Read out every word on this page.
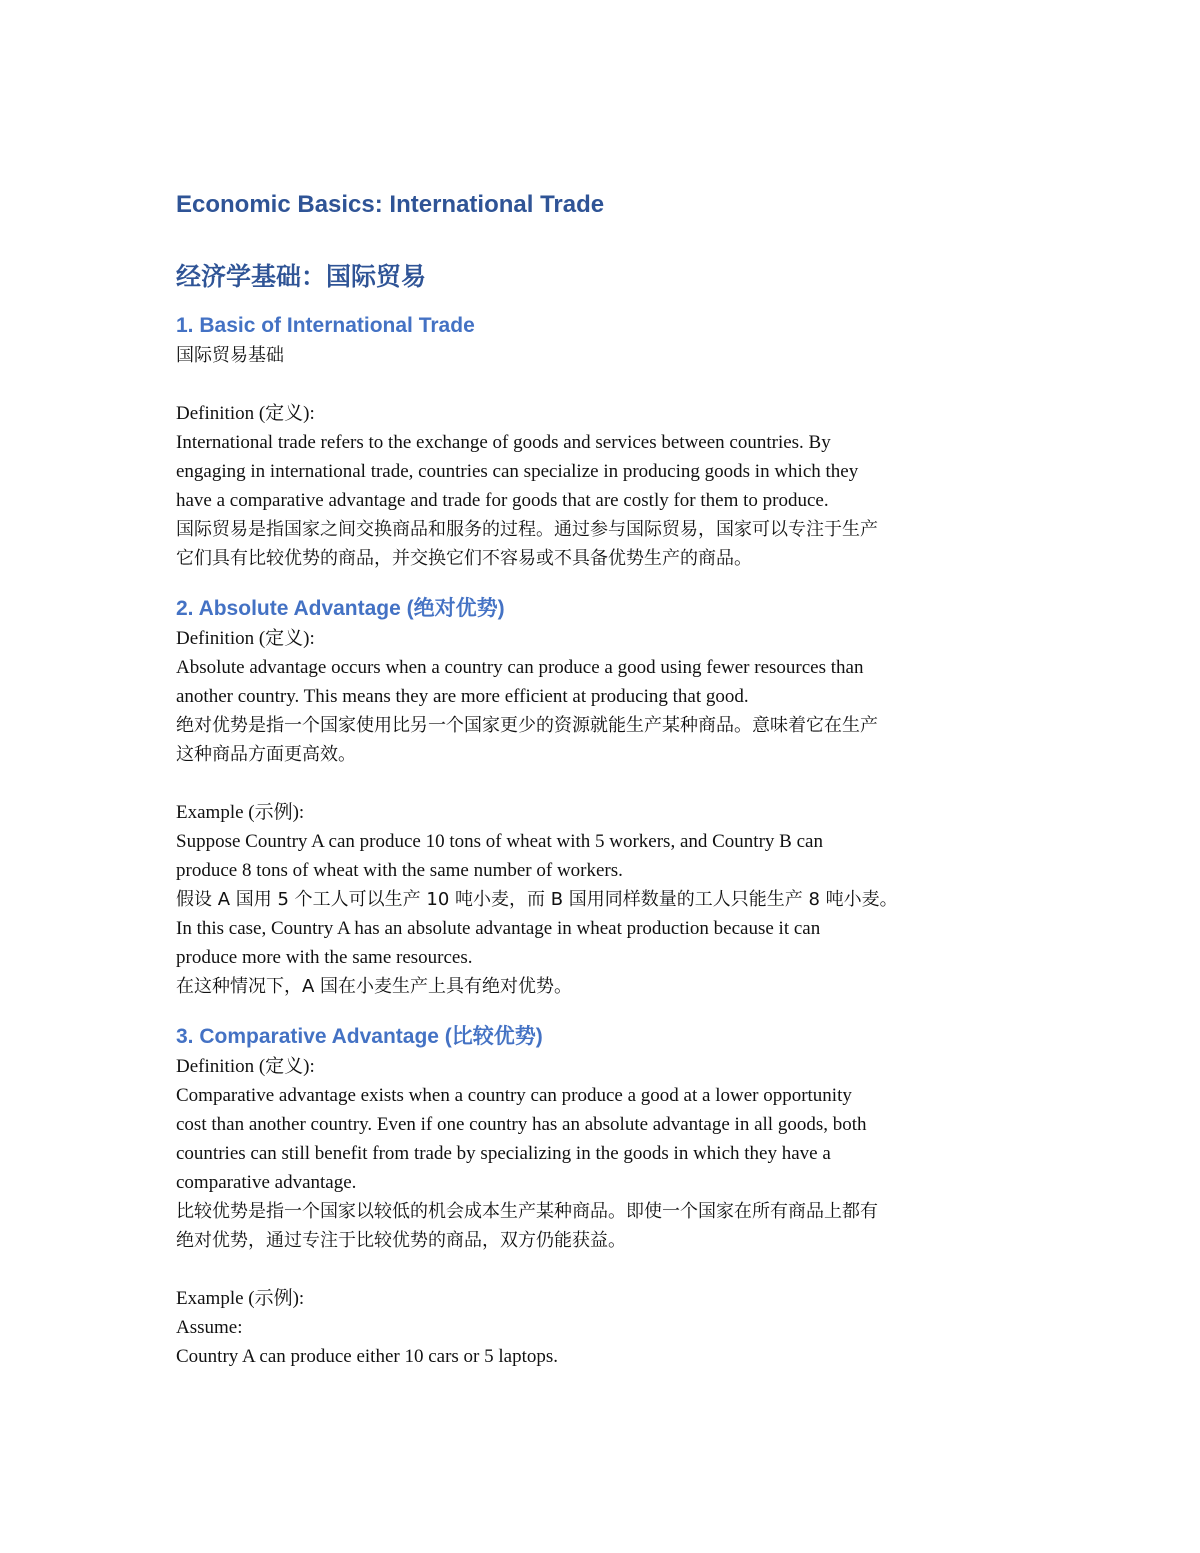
Economic Basics: International Trade
经济学基础：国际贸易
1. Basic of International Trade

国际贸易基础

Definition (定义):

International trade refers to the exchange of goods and services between countries. By

engaging in international trade, countries can specialize in producing goods in which they

have a comparative advantage and trade for goods that are costly for them to produce.

国际贸易是指国家之间交换商品和服务的过程。通过参与国际贸易，国家可以专注于生产

它们具有比较优势的商品，并交换它们不容易或不具备优势生产的商品。

2. Absolute Advantage (绝对优势)

Definition (定义):

Absolute advantage occurs when a country can produce a good using fewer resources than

another country. This means they are more efficient at producing that good.

绝对优势是指一个国家使用比另一个国家更少的资源就能生产某种商品。意味着它在生产

这种商品方面更高效。

Example (示例):

Suppose Country A can produce 10 tons of wheat with 5 workers, and Country B can

produce 8 tons of wheat with the same number of workers.

假设 A 国用 5 个工人可以生产 10 吨小麦，而 B 国用同样数量的工人只能生产 8 吨小麦。

In this case, Country A has an absolute advantage in wheat production because it can

produce more with the same resources.

在这种情况下，A 国在小麦生产上具有绝对优势。

3. Comparative Advantage (比较优势)

Definition (定义):

Comparative advantage exists when a country can produce a good at a lower opportunity

cost than another country. Even if one country has an absolute advantage in all goods, both

countries can still benefit from trade by specializing in the goods in which they have a

comparative advantage.

比较优势是指一个国家以较低的机会成本生产某种商品。即使一个国家在所有商品上都有

绝对优势，通过专注于比较优势的商品，双方仍能获益。

Example (示例):

Assume:

Country A can produce either 10 cars or 5 laptops.
